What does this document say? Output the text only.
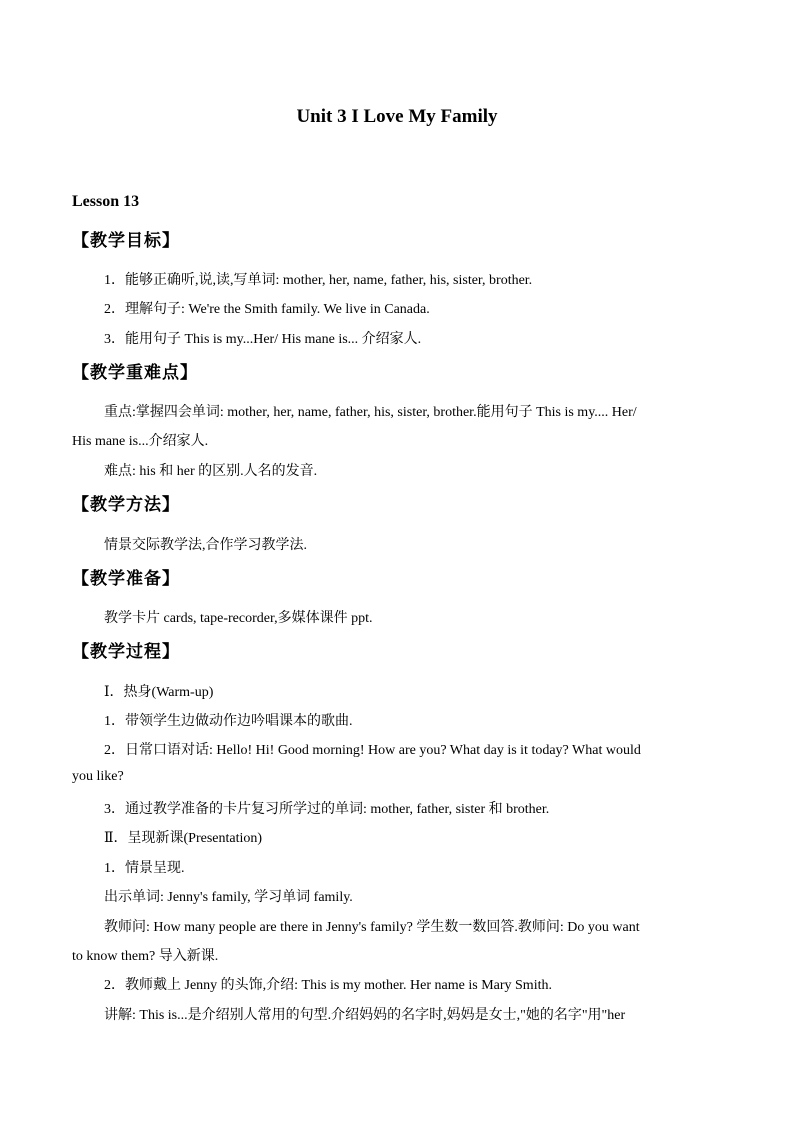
Unit 3 I Love My Family
Lesson 13
【教学目标】
1．能够正确听,说,读,写单词: mother, her, name, father, his, sister, brother.
2．理解句子: We're the Smith family. We live in Canada.
3．能用句子 This is my...Her/ His mane is... 介绍家人.
【教学重难点】
重点:掌握四会单词: mother, her, name, father, his, sister, brother.能用句子 This is my.... Her/
His mane is...介绍家人.
难点: his 和 her 的区别.人名的发音.
【教学方法】
情景交际教学法,合作学习教学法.
【教学准备】
教学卡片 cards, tape-recorder,多媒体课件 ppt.
【教学过程】
Ⅰ．热身(Warm-up)
1．带领学生边做动作边吟唱课本的歌曲.
2．日常口语对话: Hello! Hi! Good morning! How are you? What day is it today? What would
you like?
3．通过教学准备的卡片复习所学过的单词: mother, father, sister 和 brother.
Ⅱ．呈现新课(Presentation)
1．情景呈现.
出示单词: Jenny's family, 学习单词 family.
教师问: How many people are there in Jenny's family? 学生数一数回答.教师问: Do you want
to know them? 导入新课.
2．教师戴上 Jenny 的头饰,介绍: This is my mother. Her name is Mary Smith.
讲解: This is...是介绍别人常用的句型.介绍妈妈的名字时,妈妈是女士,"她的名字"用"her
